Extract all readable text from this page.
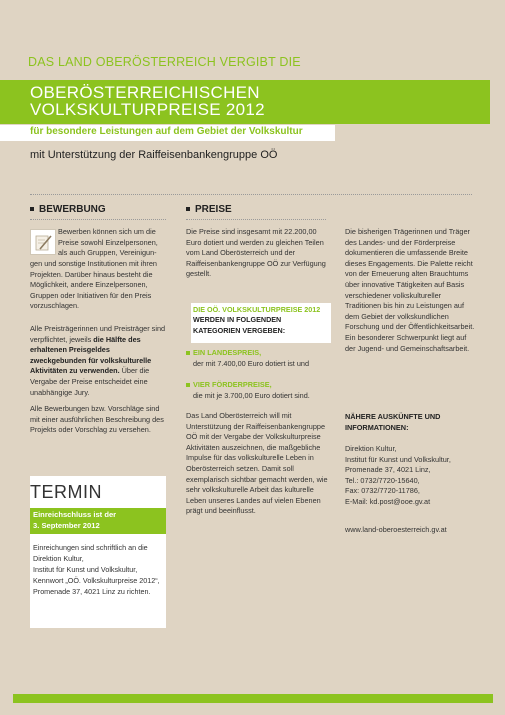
DAS LAND OBERÖSTERREICH VERGIBT DIE
OBERÖSTERREICHISCHEN
VOLKSKULTURPREISE 2012
für besondere Leistungen auf dem Gebiet der Volkskultur
mit Unterstützung der Raiffeisenbankengruppe OÖ
BEWERBUNG
Bewerben können sich um die
Preise sowohl Einzelpersonen,
als auch Gruppen, Vereinigun-
gen und sonstige Institutionen mit ihren
Projekten. Darüber hinaus besteht die
Möglichkeit, andere Einzelpersonen,
Gruppen oder Initiativen für den Preis
vorzuschlagen.
Alle Preisträgerinnen und Preisträger sind verpflichtet, jeweils die Hälfte des erhaltenen Preisgeldes zweckgebunden für volkskulturelle Aktivitäten zu verwenden. Über die Vergabe der Preise entscheidet eine unabhängige Jury.
Alle Bewerbungen bzw. Vorschläge sind mit einer ausführlichen Beschreibung des Projekts oder Vorschlag zu versehen.
TERMIN
Einreichschluss ist der
3. September 2012
Einreichungen sind schriftlich an die
Direktion Kultur,
Institut für Kunst und Volkskultur,
Kennwort „OÖ. Volkskulturpreise 2012“,
Promenade 37, 4021 Linz zu richten.
PREISE
Die Preise sind insgesamt mit 22.200,00 Euro dotiert und werden zu gleichen Teilen vom Land Oberösterreich und der Raiffeisenbankengruppe OÖ zur Verfügung gestellt.
DIE OÖ. VOLKSKULTURPREISE 2012
WERDEN IN FOLGENDEN
KATEGORIEN VERGEBEN:
EIN LANDESPREIS,
der mit 7.400,00 Euro dotiert ist und
VIER FÖRDERPREISE,
die mit je 3.700,00 Euro dotiert sind.
Das Land Oberösterreich will mit Unterstützung der Raiffeisenbankengruppe OÖ mit der Vergabe der Volkskulturpreise Aktivitäten auszeichnen, die maßgebliche Impulse für das volkskulturelle Leben in Oberösterreich setzen. Damit soll exemplarisch sichtbar gemacht werden, wie sehr volkskulturelle Arbeit das kulturelle Leben unseres Landes auf vielen Ebenen prägt und beeinflusst.
Die bisherigen Trägerinnen und Träger des Landes- und der Förderpreise dokumentieren die umfassende Breite dieses Engagements. Die Palette reicht von der Erneuerung alten Brauchtums über innovative Tätigkeiten auf Basis verschiedener volkskultureller Traditionen bis hin zu Leistungen auf dem Gebiet der volkskundlichen Forschung und der Öffentlichkeitsarbeit. Ein besonderer Schwerpunkt liegt auf der Jugend- und Gemeinschaftsarbeit.
NÄHERE AUSKÜNFTE UND
INFORMATIONEN:
Direktion Kultur,
Institut für Kunst und Volkskultur,
Promenade 37, 4021 Linz,
Tel.: 0732/7720-15640,
Fax: 0732/7720-11786,
E-Mail: kd.post@ooe.gv.at
www.land-oberoesterreich.gv.at
